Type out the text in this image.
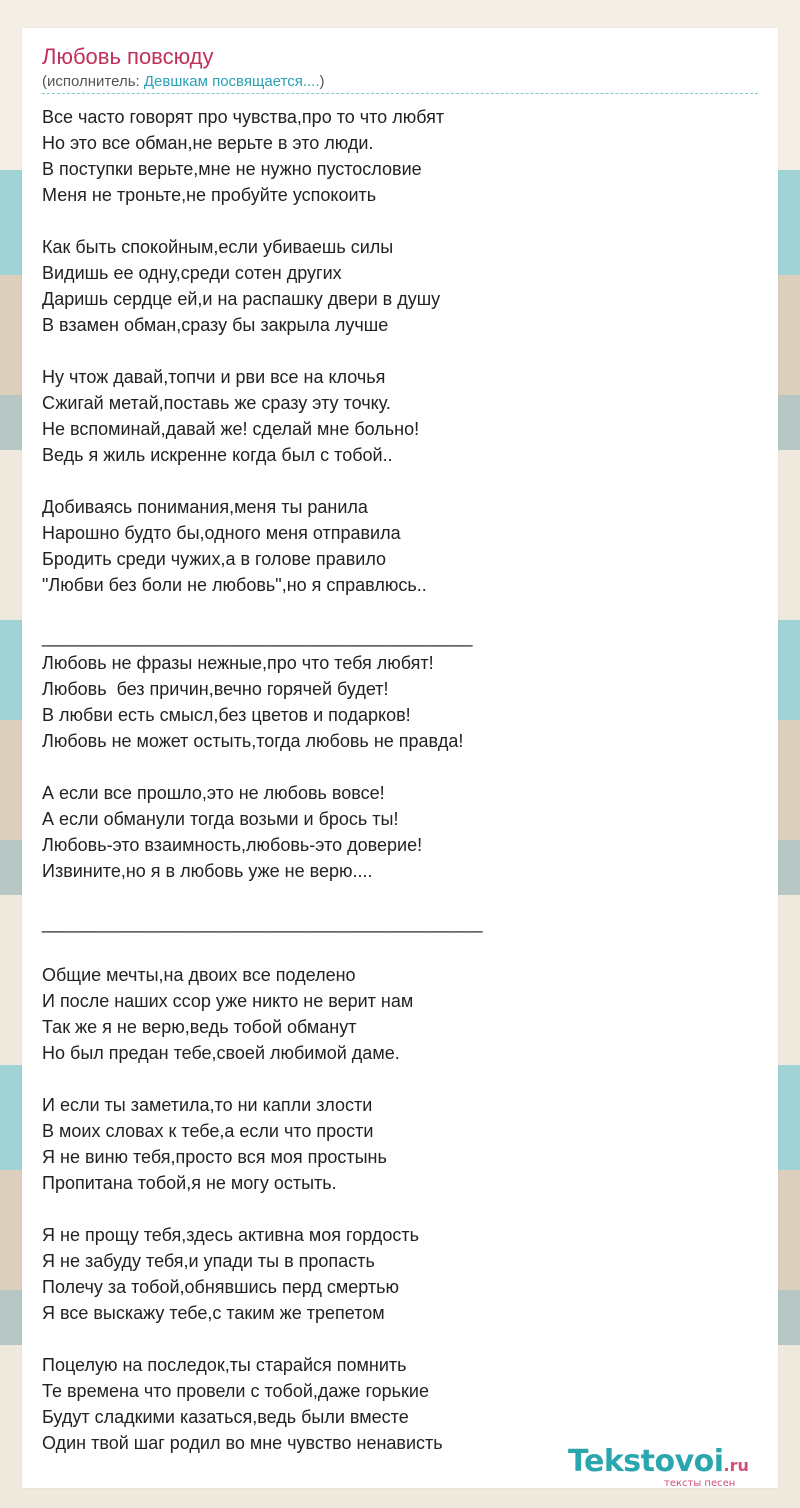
Любовь повсюду
(исполнитель: Девшкам посвящается....)
Все часто говорят про чувства,про то что любят
Но это все обман,не верьте в это люди.
В поступки верьте,мне не нужно пустословие
Меня не троньте,не пробуйте успокоить
Как быть спокойным,если убиваешь силы
Видишь ее одну,среди сотен других
Даришь сердце ей,и на распашку двери в душу
В взамен обман,сразу бы закрыла лучше
Ну чтож давай,топчи и рви все на клочья
Сжигай метай,поставь же сразу эту точку.
Не вспоминай,давай же! сделай мне больно!
Ведь я жиль искренне когда был с тобой..
Добиваясь понимания,меня ты ранила
Нарошно будто бы,одного меня отправила
Бродить среди чужих,а в голове правило
"Любви без боли не любовь",но я справлюсь..
___________________________________________
Любовь не фразы нежные,про что тебя любят!
Любовь  без причин,вечно горячей будет!
В любви есть смысл,без цветов и подарков!
Любовь не может остыть,тогда любовь не правда!
А если все прошло,это не любовь вовсе!
А если обманули тогда возьми и брось ты!
Любовь-это взаимность,любовь-это доверие!
Извините,но я в любовь уже не верю....
____________________________________________
Общие мечты,на двоих все поделено
И после наших ссор уже никто не верит нам
Так же я не верю,ведь тобой обманут
Но был предан тебе,своей любимой даме.
И если ты заметила,то ни капли злости
В моих словах к тебе,а если что прости
Я не виню тебя,просто вся моя простынь
Пропитана тобой,я не могу остыть.
Я не прощу тебя,здесь активна моя гордость
Я не забуду тебя,и упади ты в пропасть
Полечу за тобой,обнявшись перд смертью
Я все выскажу тебе,с таким же трепетом
Поцелую на последок,ты старайся помнить
Те времена что провели с тобой,даже горькие
Будут сладкими казаться,ведь были вместе
Один твой шаг родил во мне чувство ненависть
Tekstovoi.ru
тексты песен
